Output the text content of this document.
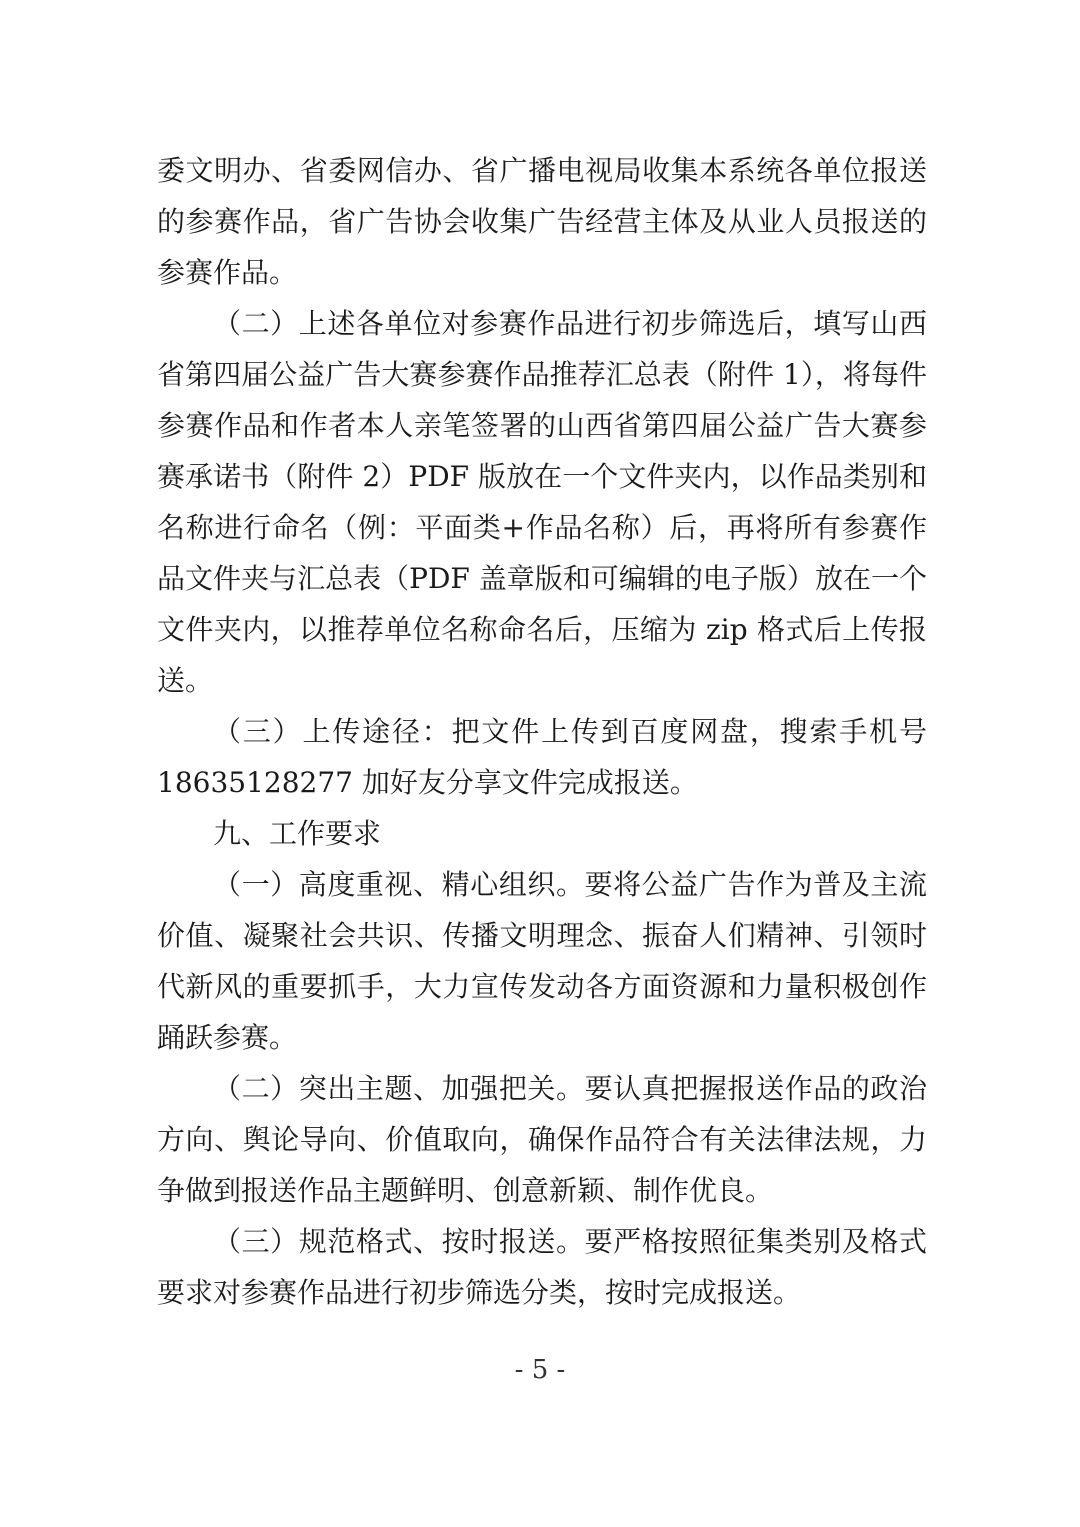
委文明办、省委网信办、省广播电视局收集本系统各单位报送的参赛作品，省广告协会收集广告经营主体及从业人员报送的参赛作品。

（二）上述各单位对参赛作品进行初步筛选后，填写山西省第四届公益广告大赛参赛作品推荐汇总表（附件 1），将每件参赛作品和作者本人亲笔签署的山西省第四届公益广告大赛参赛承诺书（附件 2）PDF 版放在一个文件夹内，以作品类别和名称进行命名（例：平面类+作品名称）后，再将所有参赛作品文件夹与汇总表（PDF 盖章版和可编辑的电子版）放在一个文件夹内，以推荐单位名称命名后，压缩为 zip 格式后上传报送。

（三）上传途径：把文件上传到百度网盘，搜索手机号18635128277 加好友分享文件完成报送。

九、工作要求

（一）高度重视、精心组织。要将公益广告作为普及主流价值、凝聚社会共识、传播文明理念、振奋人们精神、引领时代新风的重要抓手，大力宣传发动各方面资源和力量积极创作踊跃参赛。

（二）突出主题、加强把关。要认真把握报送作品的政治方向、舆论导向、价值取向，确保作品符合有关法律法规，力争做到报送作品主题鲜明、创意新颖、制作优良。

（三）规范格式、按时报送。要严格按照征集类别及格式要求对参赛作品进行初步筛选分类，按时完成报送。

- 5 -
